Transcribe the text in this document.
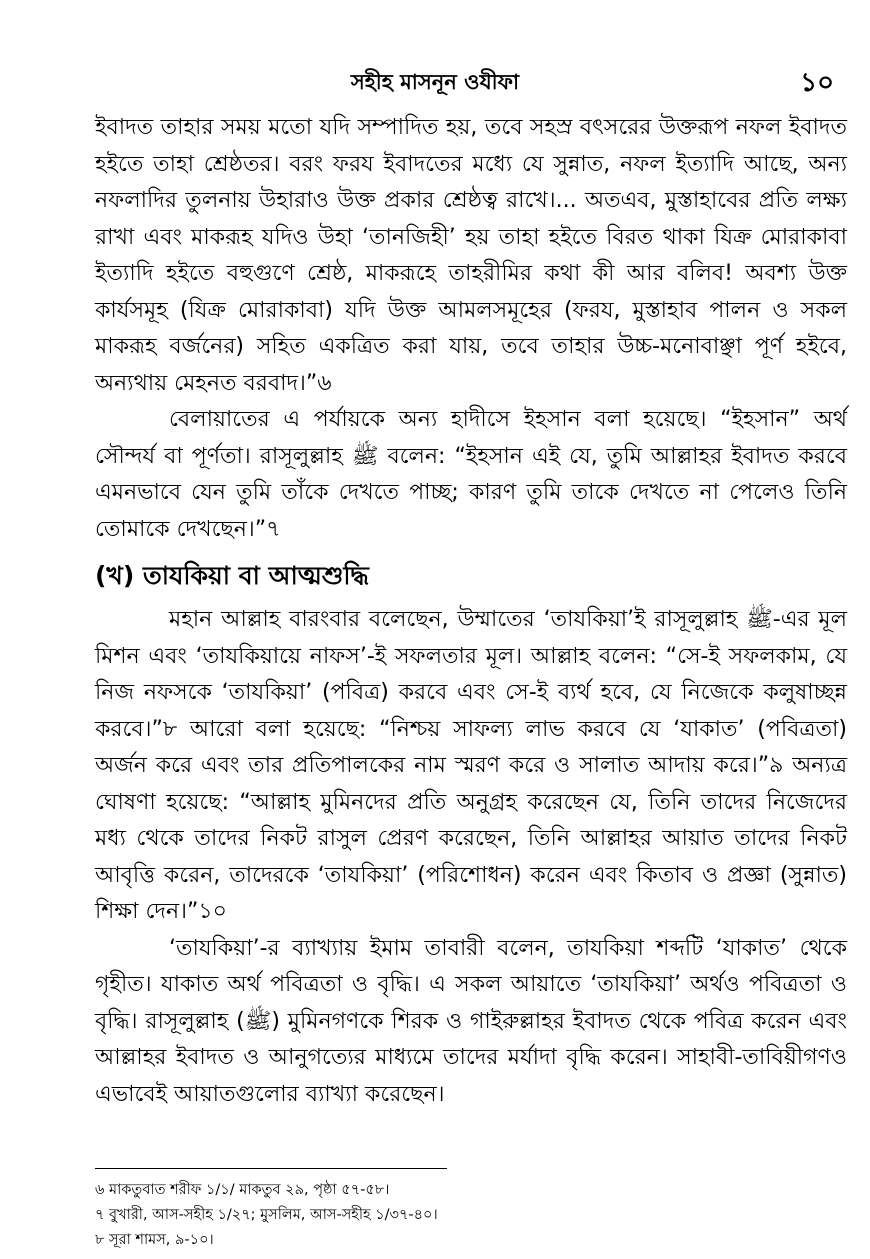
সহীহ মাসনূন ওযীফা	১০

ইবাদত তাহার সময় মতো যদি সম্পাদিত হয়, তবে সহস্র বৎসরের উক্তরূপ নফল ইবাদত হইতে তাহা শ্রেষ্ঠতর। বরং ফরয ইবাদতের মধ্যে যে সুন্নাত, নফল ইত্যাদি আছে, অন্য নফলাদির তুলনায় উহারাও উক্ত প্রকার শ্রেষ্ঠত্ব রাখে।... অতএব, মুস্তাহাবের প্রতি লক্ষ্য রাখা এবং মাকরূহ যদিও উহা ‘তানজিহী’ হয় তাহা হইতে বিরত থাকা যিক্র মোরাকাবা ইত্যাদি হইতে বহুগুণে শ্রেষ্ঠ, মাকরূহে তাহরীমির কথা কী আর বলিব! অবশ্য উক্ত কার্যসমূহ (যিক্র মোরাকাবা) যদি উক্ত আমলসমূহের (ফরয, মুস্তাহাব পালন ও সকল মাকরূহ বর্জনের) সহিত একত্রিত করা যায়, তবে তাহার উচ্চ-মনোবাঞ্ছা পূর্ণ হইবে, অন্যথায় মেহনত বরবাদ।”৬

বেলায়াতের এ পর্যায়কে অন্য হাদীসে ইহসান বলা হয়েছে। “ইহসান” অর্থ সৌন্দর্য বা পূর্ণতা। রাসূলুল্লাহ ﷺ বলেন: “ইহসান এই যে, তুমি আল্লাহর ইবাদত করবে এমনভাবে যেন তুমি তাঁকে দেখতে পাচ্ছ; কারণ তুমি তাকে দেখতে না পেলেও তিনি তোমাকে দেখছেন।”৭

(খ) তাযকিয়া বা আত্মশুদ্ধি

মহান আল্লাহ বারংবার বলেছেন, উম্মাতের ‘তাযকিয়া’ই রাসূলুল্লাহ ﷺ-এর মূল মিশন এবং ‘তাযকিয়ায়ে নাফস’-ই সফলতার মূল। আল্লাহ বলেন: “সে-ই সফলকাম, যে নিজ নফসকে ‘তাযকিয়া’ (পবিত্র) করবে এবং সে-ই ব্যর্থ হবে, যে নিজেকে কলুষাচ্ছন্ন করবে।”৮ আরো বলা হয়েছে: “নিশ্চয় সাফল্য লাভ করবে যে ‘যাকাত’ (পবিত্রতা) অর্জন করে এবং তার প্রতিপালকের নাম স্মরণ করে ও সালাত আদায় করে।”৯ অন্যত্র ঘোষণা হয়েছে: “আল্লাহ মুমিনদের প্রতি অনুগ্রহ করেছেন যে, তিনি তাদের নিজেদের মধ্য থেকে তাদের নিকট রাসুল প্রেরণ করেছেন, তিনি আল্লাহর আয়াত তাদের নিকট আবৃত্তি করেন, তাদেরকে ‘তাযকিয়া’ (পরিশোধন) করেন এবং কিতাব ও প্রজ্ঞা (সুন্নাত) শিক্ষা দেন।”১০

‘তাযকিয়া’-র ব্যাখ্যায় ইমাম তাবারী বলেন, তাযকিয়া শব্দটি ‘যাকাত’ থেকে গৃহীত। যাকাত অর্থ পবিত্রতা ও বৃদ্ধি। এ সকল আয়াতে ‘তাযকিয়া’ অর্থও পবিত্রতা ও বৃদ্ধি। রাসূলুল্লাহ (ﷺ) মুমিনগণকে শিরক ও গাইরুল্লাহর ইবাদত থেকে পবিত্র করেন এবং আল্লাহর ইবাদত ও আনুগত্যের মাধ্যমে তাদের মর্যাদা বৃদ্ধি করেন। সাহাবী-তাবিয়ীগণও এভাবেই আয়াতগুলোর ব্যাখ্যা করেছেন।

৬ মাকতুবাত শরীফ ১/১/ মাকতুব ২৯, পৃষ্ঠা ৫৭-৫৮।
৭ বুখারী, আস-সহীহ ১/২৭; মুসলিম, আস-সহীহ ১/৩৭-৪০।
৮ সূরা শামস, ৯-১০।
